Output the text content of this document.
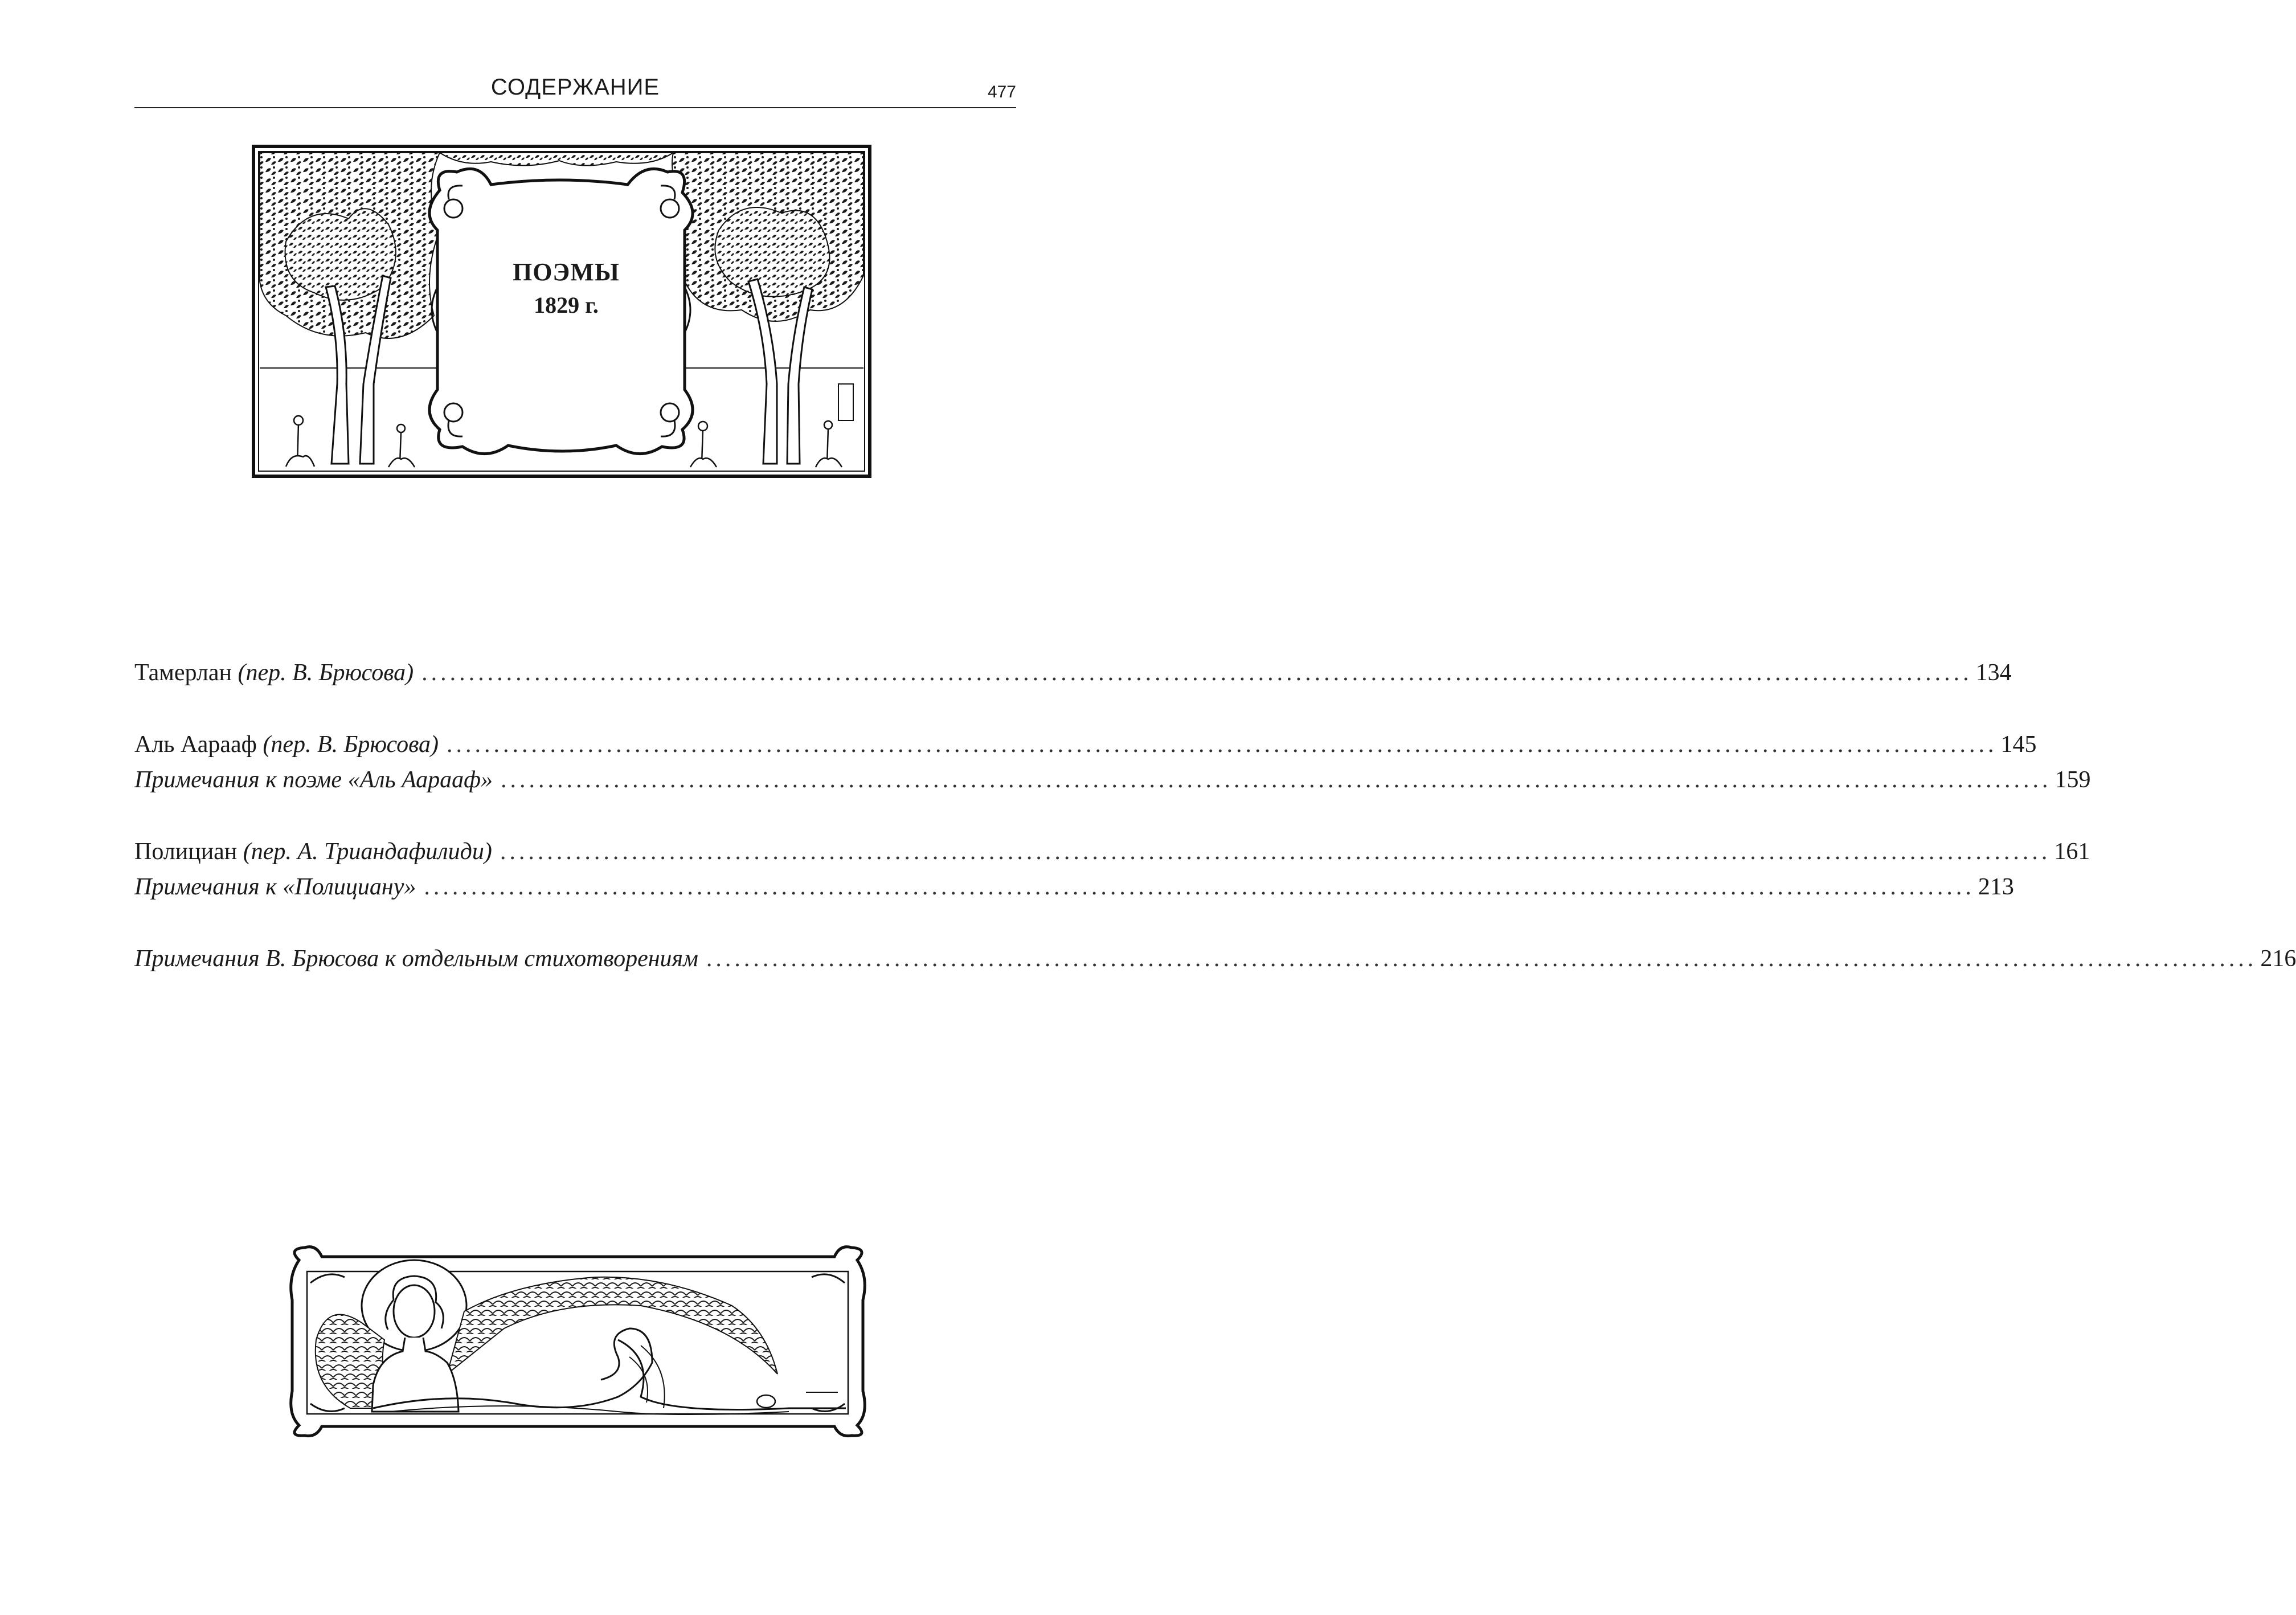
СОДЕРЖАНИЕ	477
ПОЭМЫ
1829 г.
Тамерлан (пер. В. Брюсова) ..................................................................................................................................................................... 134
Аль Аараaф (пер. В. Брюсова) ..................................................................................................................................................................... 145
Примечания к поэме «Аль Аарааф» ..................................................................................................................................................................... 159
Полициан (пер. А. Триандафилиди) ..................................................................................................................................................................... 161
Примечания к «Полициану» ..................................................................................................................................................................... 213
Примечания В. Брюсова к отдельным стихотворениям ..................................................................................................................................................................... 216
